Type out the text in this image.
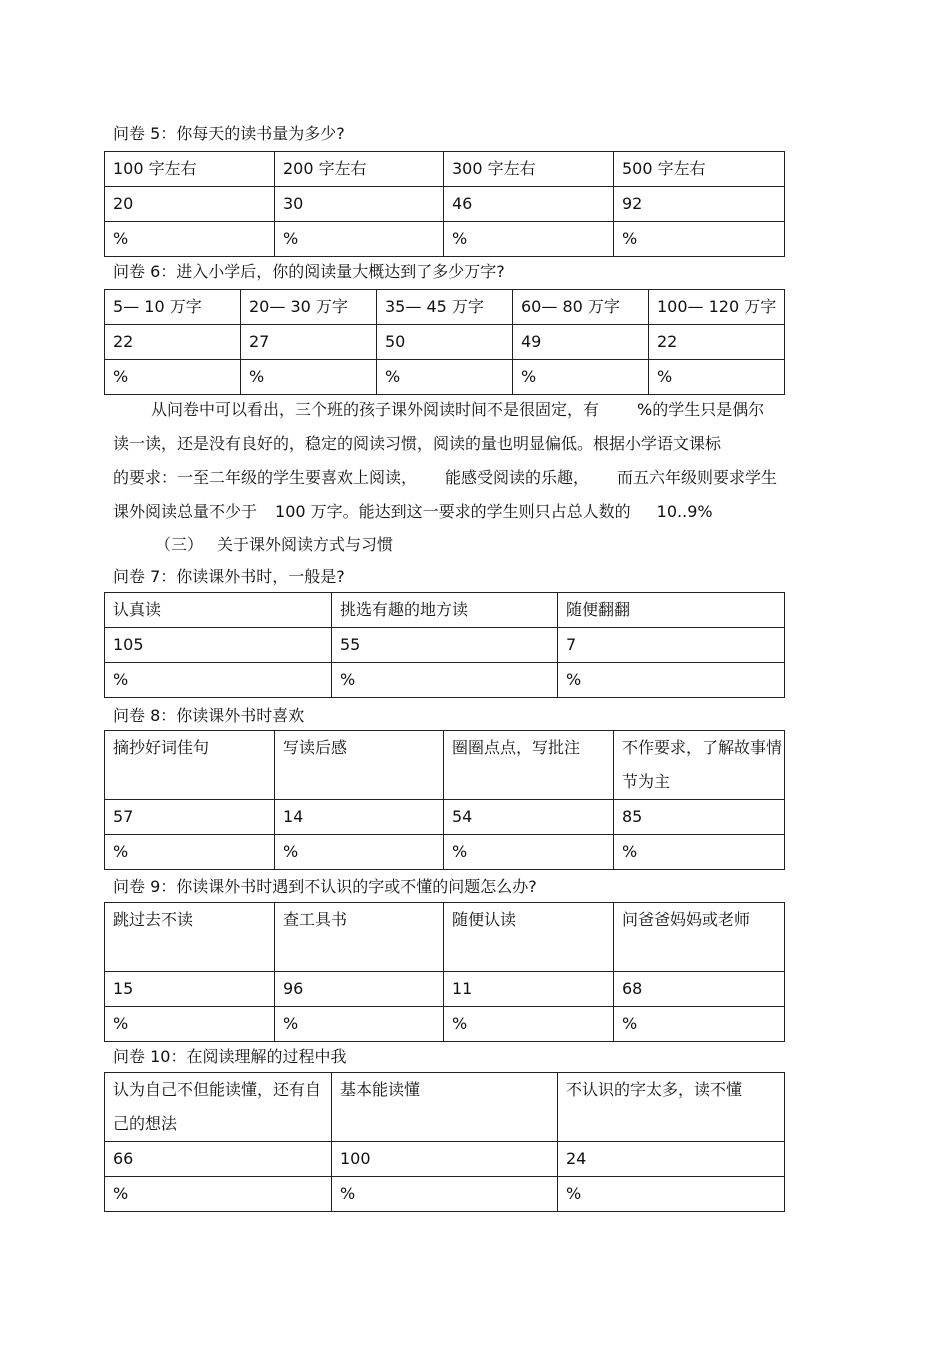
问卷 5：你每天的读书量为多少?
100 字左右	200 字左右	300 字左右	500 字左右
20	30	46	92
%	%	%	%
问卷 6：进入小学后，你的阅读量大概达到了多少万字?
5— 10 万字	20— 30 万字	35— 45 万字	60— 80 万字	100— 120 万字
22	27	50	49	22
%	%	%	%	%
从问卷中可以看出，三个班的孩子课外阅读时间不是很固定，有 %的学生只是偶尔
读一读，还是没有良好的，稳定的阅读习惯，阅读的量也明显偏低。根据小学语文课标
的要求：一至二年级的学生要喜欢上阅读， 能感受阅读的乐趣， 而五六年级则要求学生
课外阅读总量不少于 100 万字。能达到这一要求的学生则只占总人数的 10..9%
（三） 关于课外阅读方式与习惯
问卷 7：你读课外书时，一般是?
认真读	挑选有趣的地方读	随便翻翻
105	55	7
%	%	%
问卷 8：你读课外书时喜欢
摘抄好词佳句	写读后感	圈圈点点，写批注	不作要求，了解故事情节为主
57	14	54	85
%	%	%	%
问卷 9：你读课外书时遇到不认识的字或不懂的问题怎么办?
跳过去不读	查工具书	随便认读	问爸爸妈妈或老师
15	96	11	68
%	%	%	%
问卷 10：在阅读理解的过程中我
认为自己不但能读懂，还有自己的想法	基本能读懂	不认识的字太多，读不懂
66	100	24
%	%	%
